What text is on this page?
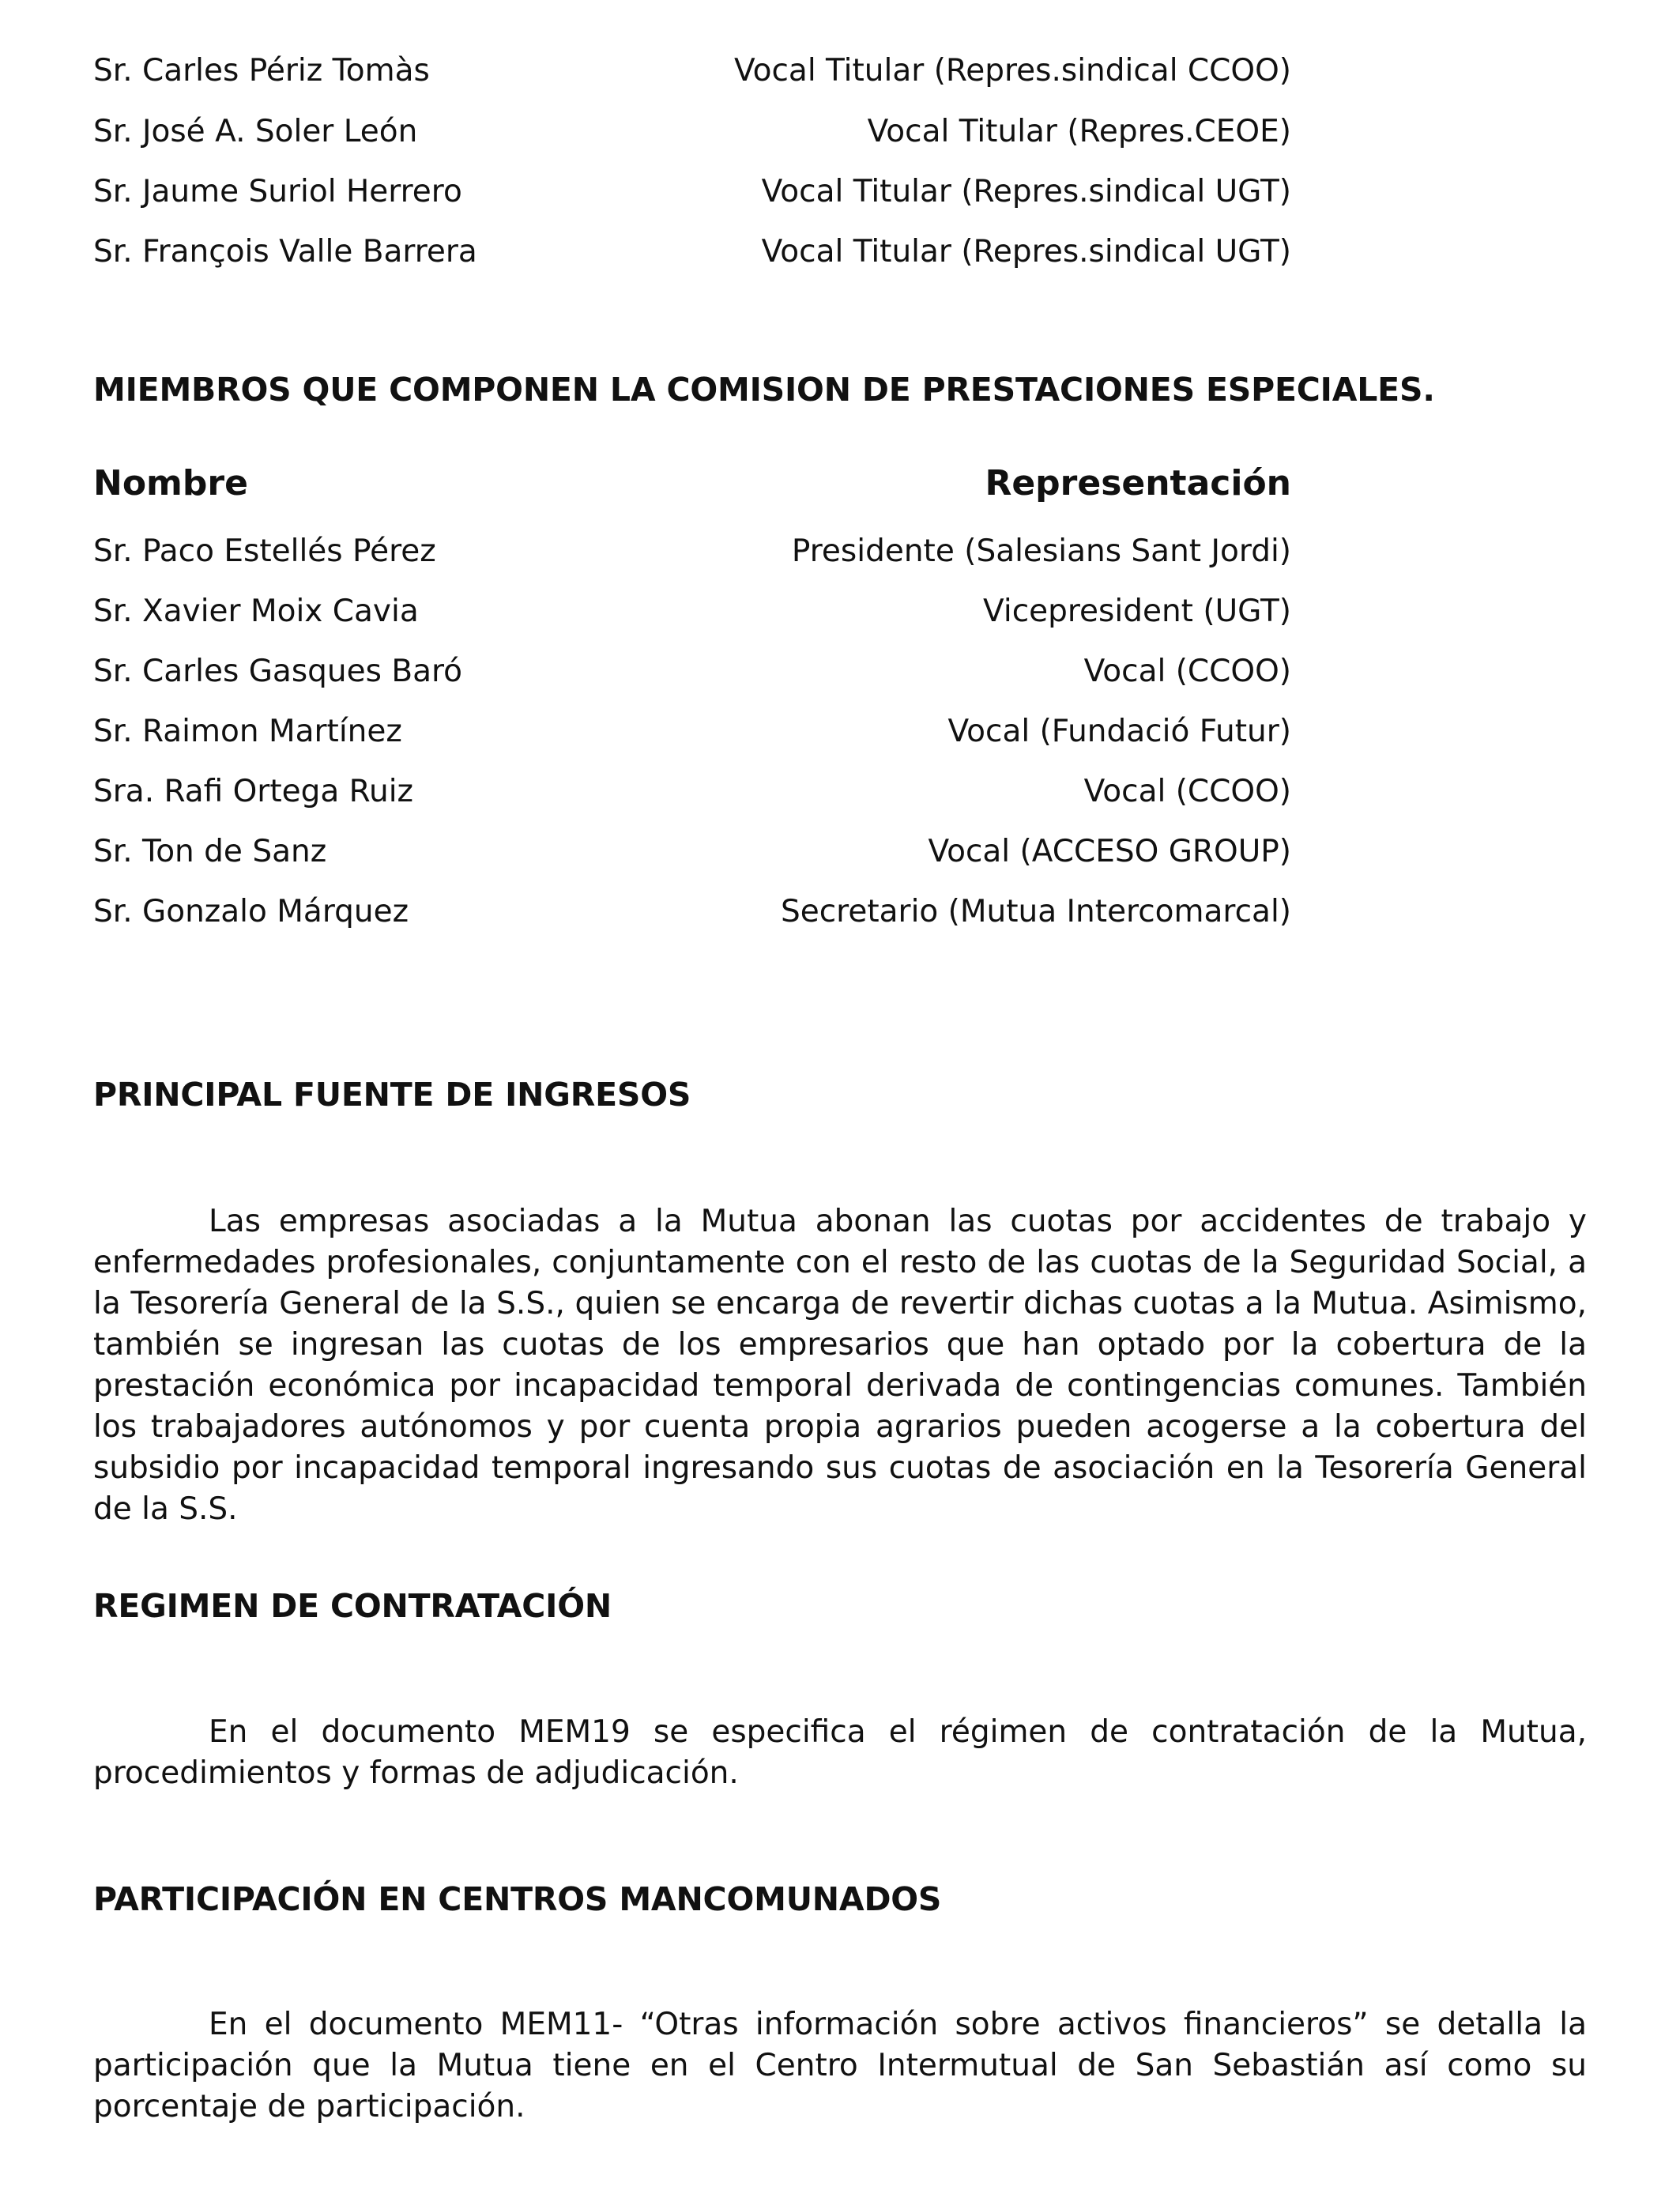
Sr. Carles Périz Tomàs	Vocal Titular (Repres.sindical CCOO)
Sr. José A. Soler León	Vocal Titular (Repres.CEOE)
Sr. Jaume Suriol Herrero	Vocal Titular (Repres.sindical UGT)
Sr. François Valle Barrera	Vocal Titular (Repres.sindical UGT)
MIEMBROS QUE COMPONEN LA COMISION DE PRESTACIONES ESPECIALES.
Nombre	Representación
Sr. Paco Estellés Pérez	Presidente (Salesians Sant Jordi)
Sr. Xavier Moix Cavia	Vicepresident (UGT)
Sr. Carles Gasques Baró	Vocal (CCOO)
Sr. Raimon Martínez	Vocal (Fundació Futur)
Sra. Rafi Ortega Ruiz	Vocal (CCOO)
Sr. Ton de Sanz	Vocal (ACCESO GROUP)
Sr. Gonzalo Márquez	Secretario (Mutua Intercomarcal)
PRINCIPAL FUENTE DE INGRESOS

Las empresas asociadas a la Mutua abonan las cuotas por accidentes de trabajo y enfermedades profesionales, conjuntamente con el resto de las cuotas de la Seguridad Social, a la Tesorería General de la S.S., quien se encarga de revertir dichas cuotas a la Mutua. Asimismo, también se ingresan las cuotas de los empresarios que han optado por la cobertura de la prestación económica por incapacidad temporal derivada de contingencias comunes. También los trabajadores autónomos y por cuenta propia agrarios pueden acogerse a la cobertura del subsidio por incapacidad temporal ingresando sus cuotas de asociación en la Tesorería General de la S.S.

REGIMEN DE CONTRATACIÓN

En el documento MEM19 se especifica el régimen de contratación de la Mutua, procedimientos y formas de adjudicación.

PARTICIPACIÓN EN CENTROS MANCOMUNADOS

En el documento MEM11- “Otras información sobre activos financieros” se detalla la participación que la Mutua tiene en el Centro Intermutual de San Sebastián así como su porcentaje de participación.
